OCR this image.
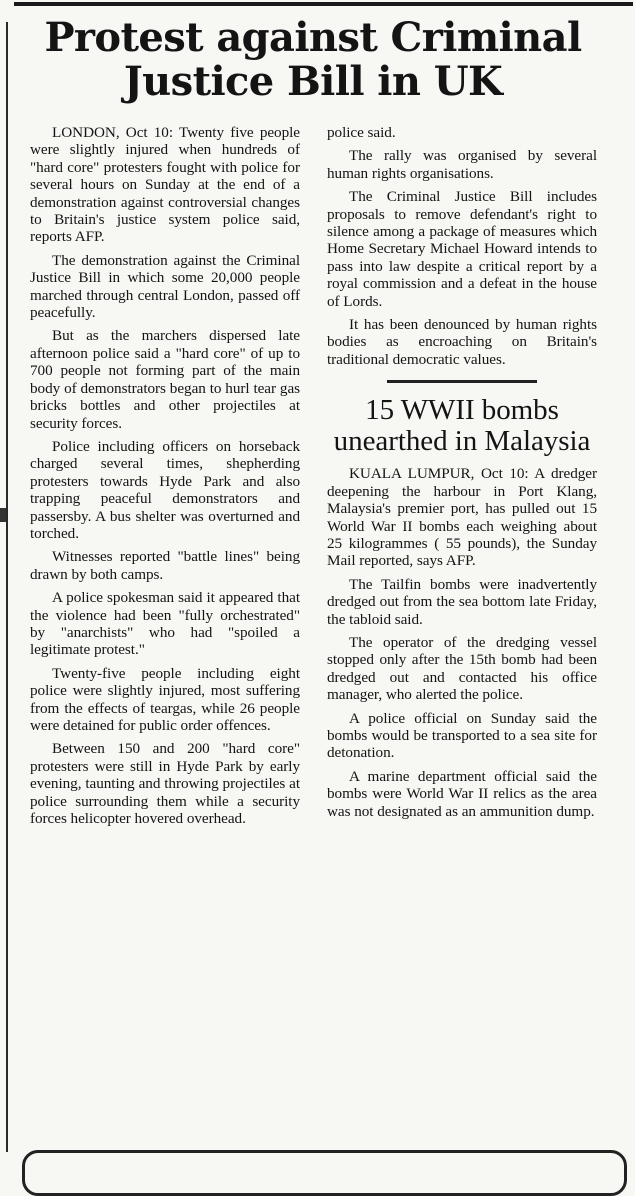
Protest against Criminal Justice Bill in UK

LONDON, Oct 10: Twenty five people were slightly injured when hundreds of "hard core" protesters fought with police for several hours on Sunday at the end of a demonstration against controversial changes to Britain's justice system police said, reports AFP.

The demonstration against the Criminal Justice Bill in which some 20,000 people marched through central London, passed off peacefully.

But as the marchers dispersed late afternoon police said a "hard core" of up to 700 people not forming part of the main body of demonstrators began to hurl tear gas bricks bottles and other projectiles at security forces.

Police including officers on horseback charged several times, shepherding protesters towards Hyde Park and also trapping peaceful demonstrators and passersby. A bus shelter was overturned and torched.

Witnesses reported "battle lines" being drawn by both camps.

A police spokesman said it appeared that the violence had been "fully orchestrated" by "anarchists" who had "spoiled a legitimate protest."

Twenty-five people including eight police were slightly injured, most suffering from the effects of teargas, while 26 people were detained for public order offences.

Between 150 and 200 "hard core" protesters were still in Hyde Park by early evening, taunting and throwing projectiles at police surrounding them while a security forces helicopter hovered overhead.

police said.

The rally was organised by several human rights organisations.

The Criminal Justice Bill includes proposals to remove defendant's right to silence among a package of measures which Home Secretary Michael Howard intends to pass into law despite a critical report by a royal commission and a defeat in the house of Lords.

It has been denounced by human rights bodies as encroaching on Britain's traditional democratic values.

15 WWII bombs unearthed in Malaysia

KUALA LUMPUR, Oct 10: A dredger deepening the harbour in Port Klang, Malaysia's premier port, has pulled out 15 World War II bombs each weighing about 25 kilogrammes ( 55 pounds), the Sunday Mail reported, says AFP.

The Tailfin bombs were inadvertently dredged out from the sea bottom late Friday, the tabloid said.

The operator of the dredging vessel stopped only after the 15th bomb had been dredged out and contacted his office manager, who alerted the police.

A police official on Sunday said the bombs would be transported to a sea site for detonation.

A marine department official said the bombs were World War II relics as the area was not designated as an ammunition dump.
